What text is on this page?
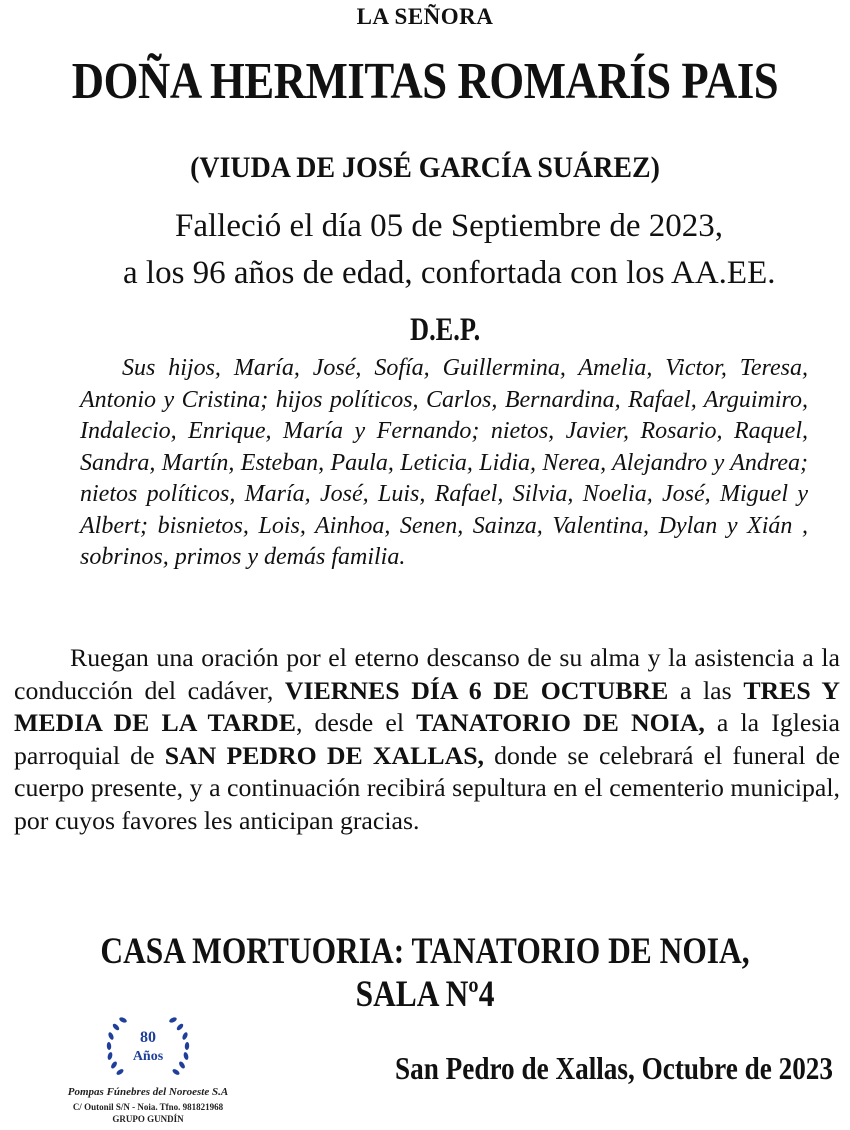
LA SEÑORA
DOÑA HERMITAS ROMARÍS PAIS
(VIUDA DE JOSÉ GARCÍA SUÁREZ)
Falleció el día 05 de Septiembre de 2023,
a los 96 años de edad, confortada con los AA.EE.
D.E.P.
Sus hijos, María, José, Sofía, Guillermina, Amelia, Victor, Teresa, Antonio y Cristina; hijos políticos, Carlos, Bernardina, Rafael, Arguimiro, Indalecio, Enrique, María y Fernando; nietos, Javier, Rosario, Raquel, Sandra, Martín, Esteban, Paula, Leticia, Lidia, Nerea, Alejandro y Andrea; nietos políticos, María, José, Luis, Rafael, Silvia, Noelia, José, Miguel y Albert; bisnietos, Lois, Ainhoa, Senen, Sainza, Valentina, Dylan y Xián , sobrinos, primos y demás familia.
Ruegan una oración por el eterno descanso de su alma y la asistencia a la conducción del cadáver, VIERNES DÍA 6 DE OCTUBRE a las TRES Y MEDIA DE LA TARDE, desde el TANATORIO DE NOIA, a la Iglesia parroquial de SAN PEDRO DE XALLAS, donde se celebrará el funeral de cuerpo presente, y a continuación recibirá sepultura en el cementerio municipal, por cuyos favores les anticipan gracias.
CASA MORTUORIA: TANATORIO DE NOIA, SALA Nº4
80
Años
Pompas Fúnebres del Noroeste S.A
C/ Outonil S/N - Noia. Tfno. 981821968
GRUPO GUNDÍN
San Pedro de Xallas, Octubre de 2023
